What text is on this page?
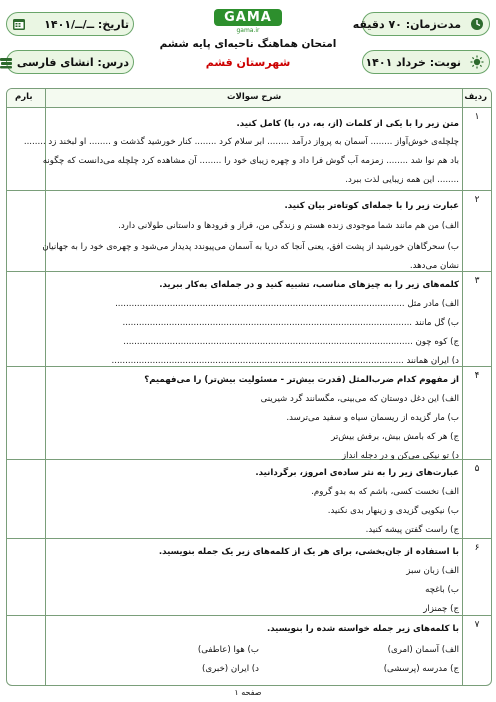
مدت‌زمان: ۷۰ دقیقه
تاریخ: ــ/ــ/۱۴۰۱
نوبت: خرداد ۱۴۰۱
درس: انشای فارسی
GAMA
gama.ir
امتحان هماهنگ ناحیه‌ای پایه ششم
شهرستان قشم
ردیف
شرح سوالات
بارم
۱
متن زیر را با یکی از کلمات (از، به، در، با) کامل کنید.
چلچله‌ی خوش‌آواز ........ آسمان به پرواز درآمد ........ ابر سلام کرد ........ کنار خورشید گذشت و ........ او لبخند زد ........
باد هم نوا شد ........ زمزمه آب گوش فرا داد و چهره زیبای خود را ........ آن مشاهده کرد چلچله می‌دانست که چگونه
........ این همه زیبایی لذت ببرد.
۲
عبارت زیر را با جمله‌ای کوتاه‌تر بیان کنید.
الف) من هم مانند شما موجودی زنده هستم و زندگی من، فراز و فرودها و داستانی طولانی دارد.
ب) سحرگاهان خورشید از پشت افق، یعنی آنجا که دریا به آسمان می‌پیوندد پدیدار می‌شود و چهره‌ی خود را به جهانیان
نشان می‌دهد.
۳
کلمه‌های زیر را به چیزهای مناسب، تشبیه کنید و در جمله‌ای به‌کار ببرید.
الف) مادر مثل ..........................................................................................................
ب) گل مانند ..........................................................................................................
ج) کوه چون ..........................................................................................................
د) ایران همانند ...........................................................................................................
۴
از مفهوم کدام ضرب‌المثل (قدرت بیش‌تر - مسئولیت بیش‌تر) را می‌فهمیم؟
الف) این دغل دوستان که می‌بینی، مگسانند گرد شیرینی
ب) مار گزیده از ریسمان سیاه و سفید می‌ترسد.
ج) هر که بامش بیش، برفش بیش‌تر
د) تو نیکی می‌کن و در دجله انداز
۵
عبارت‌های زیر را به نثر ساده‌ی امروز، برگردانید.
الف) نخست کسی، باشم که به بدو گروم.
ب) نیکویی گزیدی و زینهار بدی نکنید.
ج) راست گفتن پیشه کنید.
۶
با استفاده از جان‌بخشی، برای هر یک از کلمه‌های زیر یک جمله بنویسید.
الف) زبان سبز
ب) باغچه
ج) چمنزار
۷
با کلمه‌های زیر جمله خواسته شده را بنویسید.
الف) آسمان (امری)
ب) هوا (عاطفی)
ج) مدرسه (پرسشی)
د) ایران (خبری)
صفحه ۱
